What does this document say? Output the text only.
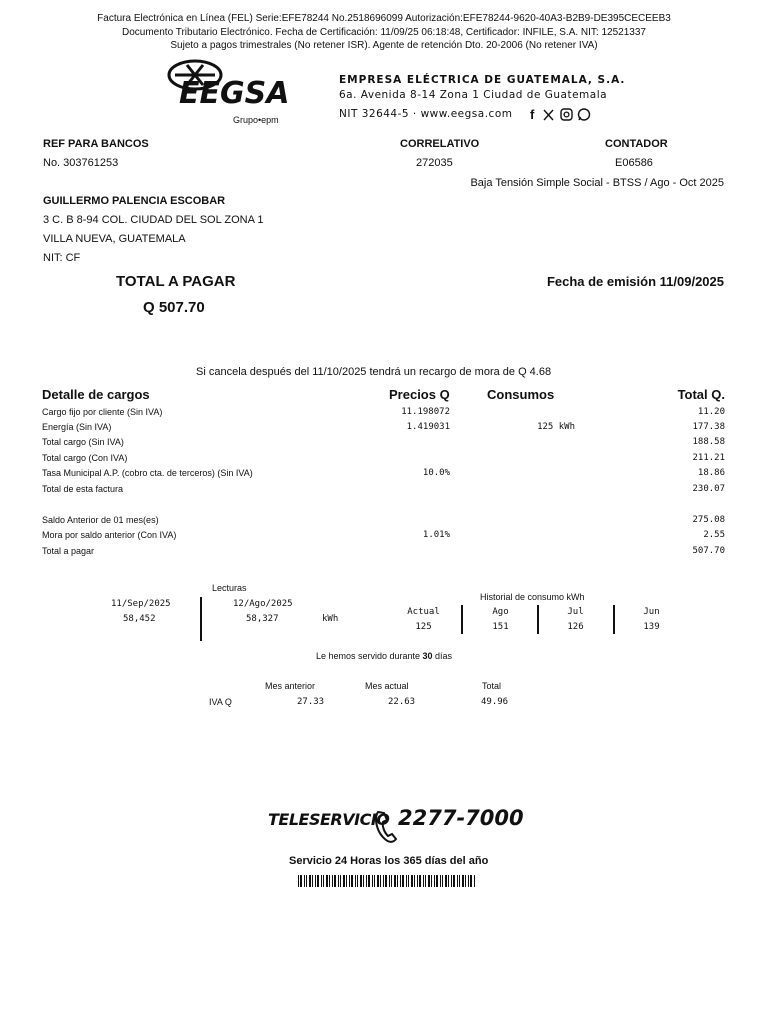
Factura Electrónica en Línea (FEL) Serie:EFE78244 No.2518696099 Autorización:EFE78244-9620-40A3-B2B9-DE395CECEEB3
Documento Tributario Electrónico. Fecha de Certificación: 11/09/25 06:18:48, Certificador: INFILE, S.A. NIT: 12521337
Sujeto a pagos trimestrales (No retener ISR). Agente de retención Dto. 20-2006 (No retener IVA)
EEGSA
Grupo•epm
EMPRESA ELÉCTRICA DE GUATEMALA, S.A.
6a. Avenida 8-14 Zona 1 Ciudad de Guatemala
NIT 32644-5 · www.eegsa.com f
REF PARA BANCOS
No. 303761253
CORRELATIVO
272035
CONTADOR
E06586
Baja Tensión Simple Social - BTSS / Ago - Oct 2025
GUILLERMO PALENCIA ESCOBAR
3 C. B 8-94 COL. CIUDAD DEL SOL ZONA 1
VILLA NUEVA, GUATEMALA
NIT: CF
TOTAL A PAGAR
Q 507.70
Fecha de emisión 11/09/2025
Si cancela después del 11/10/2025 tendrá un recargo de mora de Q 4.68
Detalle de cargos	Precios Q	Consumos	Total Q.
Cargo fijo por cliente (Sin IVA)	11.198072	11.20
Energía (Sin IVA)	1.419031	125 kWh	177.38
Total cargo (Sin IVA)	188.58
Total cargo (Con IVA)	211.21
Tasa Municipal A.P. (cobro cta. de terceros) (Sin IVA)	10.0%	18.86
Total de esta factura	230.07
Saldo Anterior de 01 mes(es)	275.08
Mora por saldo anterior (Con IVA)	1.01%	2.55
Total a pagar	507.70
Lecturas
11/Sep/2025
58,452
12/Ago/2025
58,327	kWh
Historial de consumo kWh
Actual
125
Ago
151
Jul
126
Jun
139
Le hemos servido durante 30 días
Mes anterior	Mes actual	Total
IVA Q	27.33	22.63	49.96
TELESERVICIO 2277-7000
Servicio 24 Horas los 365 días del año
